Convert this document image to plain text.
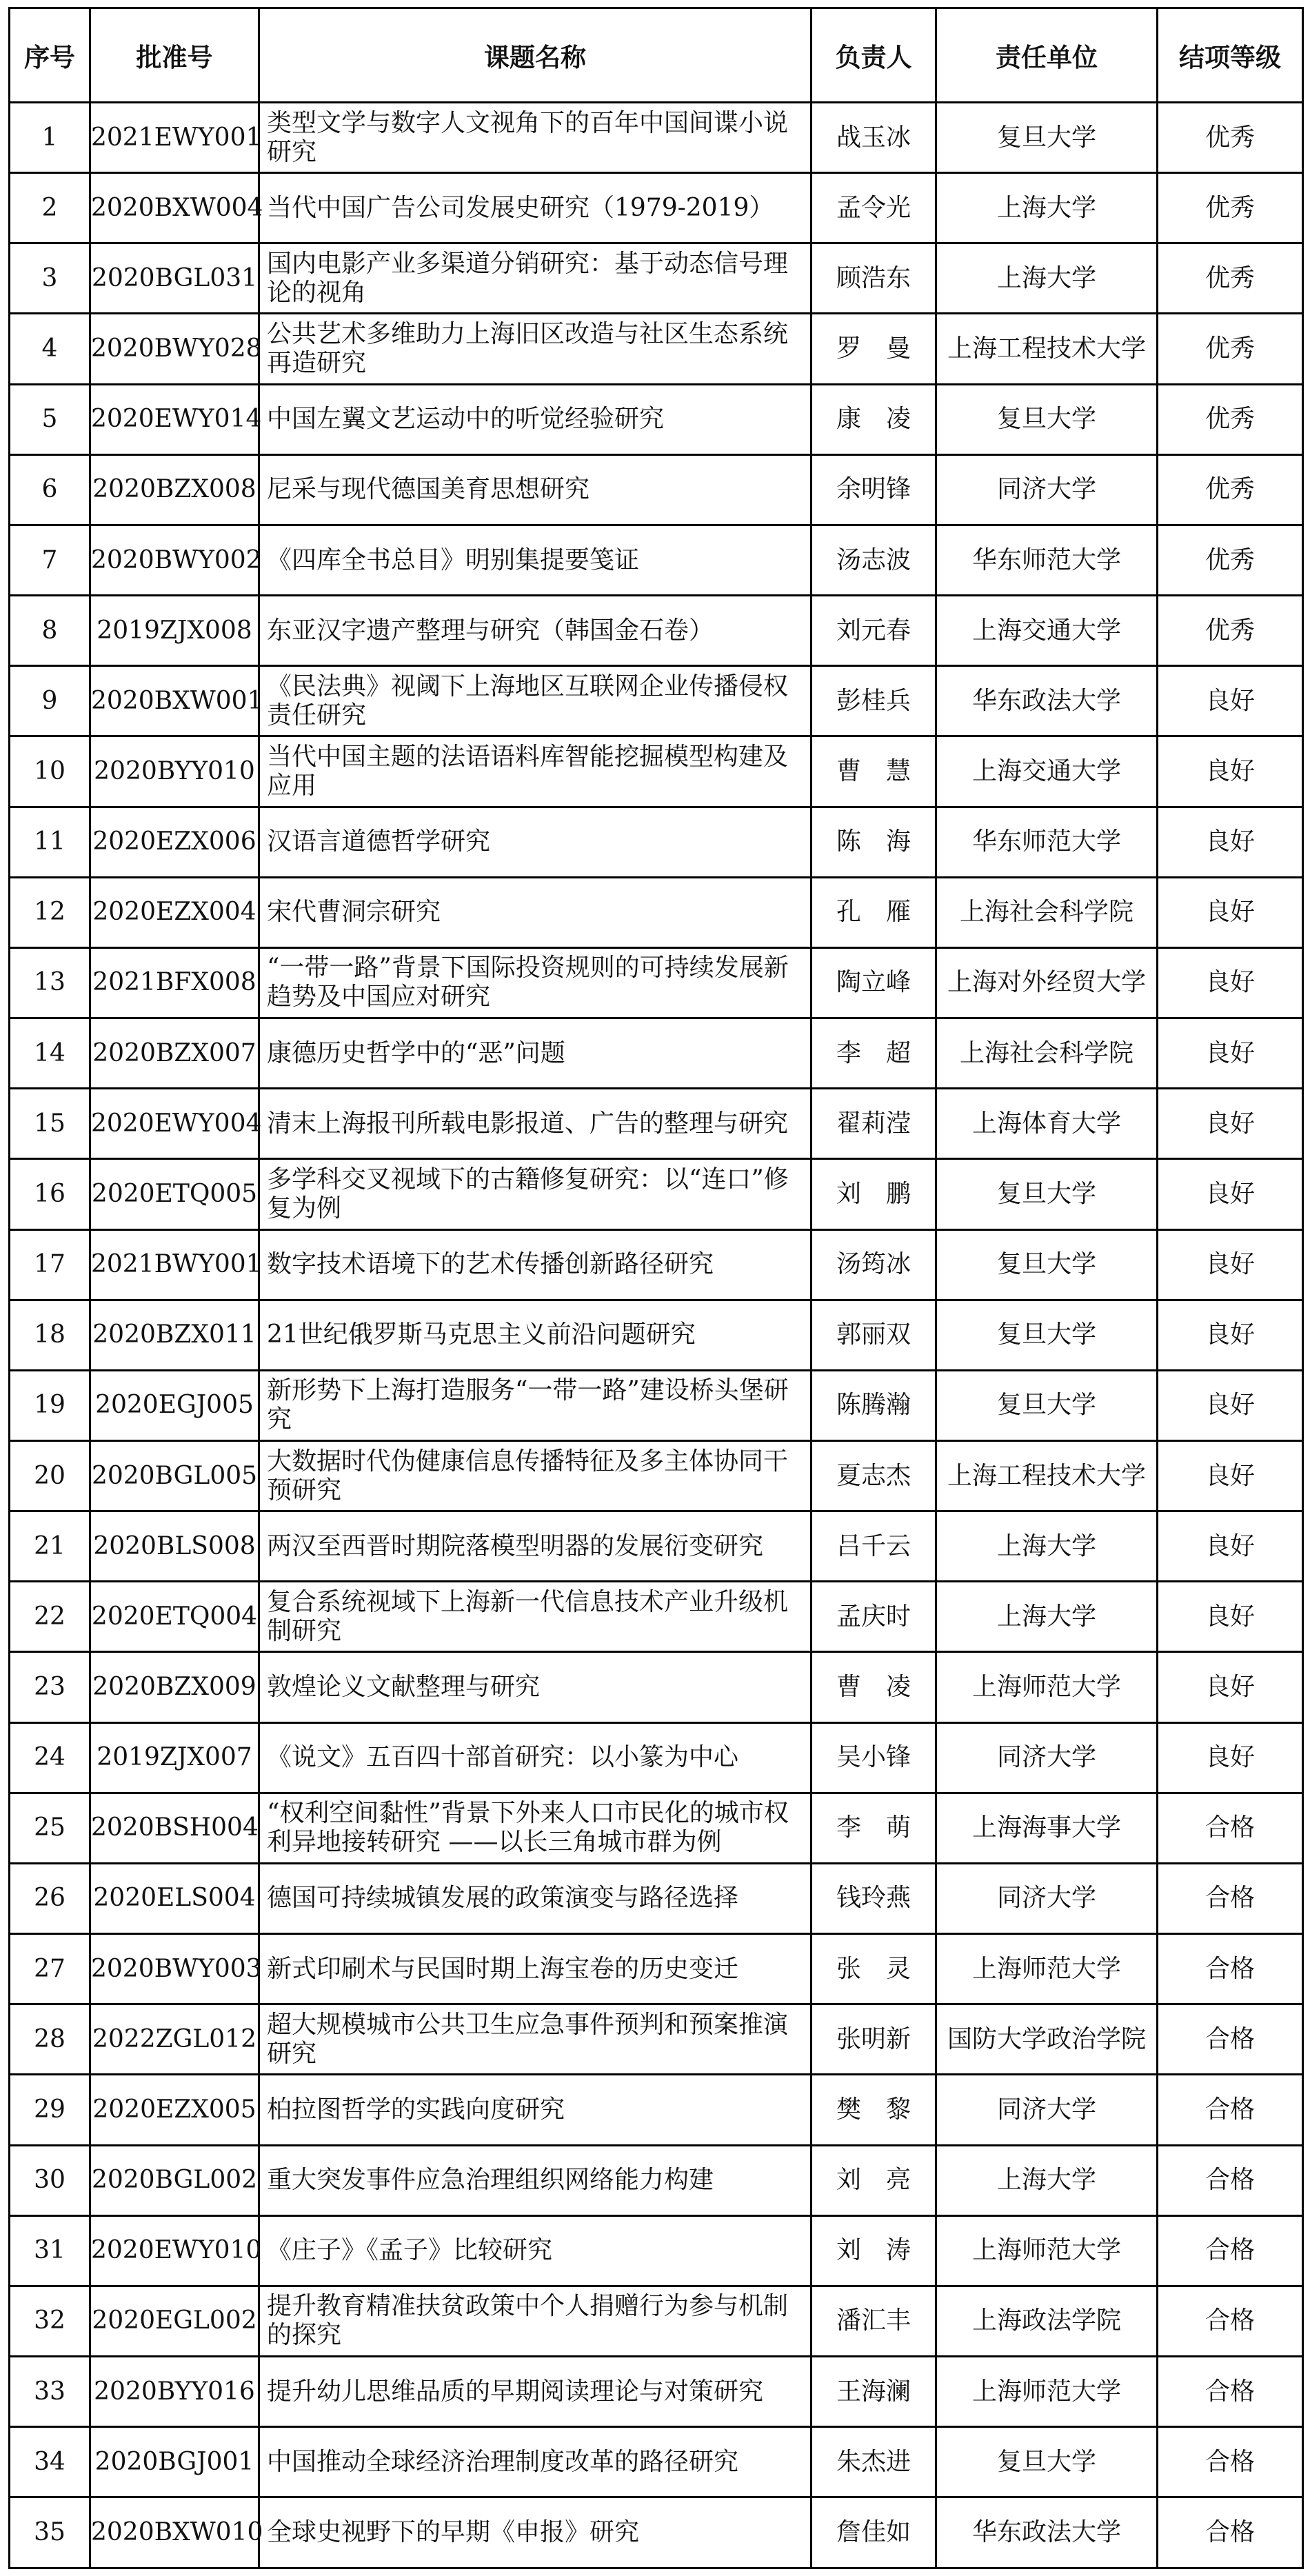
序号	批准号	课题名称	负责人	责任单位	结项等级
1	2021EWY001	类型文学与数字人文视角下的百年中国间谍小说研究	战玉冰	复旦大学	优秀
2	2020BXW004	当代中国广告公司发展史研究（1979-2019）	孟令光	上海大学	优秀
3	2020BGL031	国内电影产业多渠道分销研究：基于动态信号理论的视角	顾浩东	上海大学	优秀
4	2020BWY028	公共艺术多维助力上海旧区改造与社区生态系统再造研究	罗　曼	上海工程技术大学	优秀
5	2020EWY014	中国左翼文艺运动中的听觉经验研究	康　凌	复旦大学	优秀
6	2020BZX008	尼采与现代德国美育思想研究	余明锋	同济大学	优秀
7	2020BWY002	《四库全书总目》明别集提要笺证	汤志波	华东师范大学	优秀
8	2019ZJX008	东亚汉字遗产整理与研究（韩国金石卷）	刘元春	上海交通大学	优秀
9	2020BXW001	《民法典》视阈下上海地区互联网企业传播侵权责任研究	彭桂兵	华东政法大学	良好
10	2020BYY010	当代中国主题的法语语料库智能挖掘模型构建及应用	曹　慧	上海交通大学	良好
11	2020EZX006	汉语言道德哲学研究	陈　海	华东师范大学	良好
12	2020EZX004	宋代曹洞宗研究	孔　雁	上海社会科学院	良好
13	2021BFX008	“一带一路”背景下国际投资规则的可持续发展新趋势及中国应对研究	陶立峰	上海对外经贸大学	良好
14	2020BZX007	康德历史哲学中的“恶”问题	李　超	上海社会科学院	良好
15	2020EWY004	清末上海报刊所载电影报道、广告的整理与研究	翟莉滢	上海体育大学	良好
16	2020ETQ005	多学科交叉视域下的古籍修复研究：以“连口”修复为例	刘　鹏	复旦大学	良好
17	2021BWY001	数字技术语境下的艺术传播创新路径研究	汤筠冰	复旦大学	良好
18	2020BZX011	21世纪俄罗斯马克思主义前沿问题研究	郭丽双	复旦大学	良好
19	2020EGJ005	新形势下上海打造服务“一带一路”建设桥头堡研究	陈腾瀚	复旦大学	良好
20	2020BGL005	大数据时代伪健康信息传播特征及多主体协同干预研究	夏志杰	上海工程技术大学	良好
21	2020BLS008	两汉至西晋时期院落模型明器的发展衍变研究	吕千云	上海大学	良好
22	2020ETQ004	复合系统视域下上海新一代信息技术产业升级机制研究	孟庆时	上海大学	良好
23	2020BZX009	敦煌论义文献整理与研究	曹　凌	上海师范大学	良好
24	2019ZJX007	《说文》五百四十部首研究：以小篆为中心	吴小锋	同济大学	良好
25	2020BSH004	“权利空间黏性”背景下外来人口市民化的城市权利异地接转研究 ——以长三角城市群为例	李　萌	上海海事大学	合格
26	2020ELS004	德国可持续城镇发展的政策演变与路径选择	钱玲燕	同济大学	合格
27	2020BWY003	新式印刷术与民国时期上海宝卷的历史变迁	张　灵	上海师范大学	合格
28	2022ZGL012	超大规模城市公共卫生应急事件预判和预案推演研究	张明新	国防大学政治学院	合格
29	2020EZX005	柏拉图哲学的实践向度研究	樊　黎	同济大学	合格
30	2020BGL002	重大突发事件应急治理组织网络能力构建	刘　亮	上海大学	合格
31	2020EWY010	《庄子》《孟子》比较研究	刘　涛	上海师范大学	合格
32	2020EGL002	提升教育精准扶贫政策中个人捐赠行为参与机制的探究	潘汇丰	上海政法学院	合格
33	2020BYY016	提升幼儿思维品质的早期阅读理论与对策研究	王海澜	上海师范大学	合格
34	2020BGJ001	中国推动全球经济治理制度改革的路径研究	朱杰进	复旦大学	合格
35	2020BXW010	全球史视野下的早期《申报》研究	詹佳如	华东政法大学	合格
